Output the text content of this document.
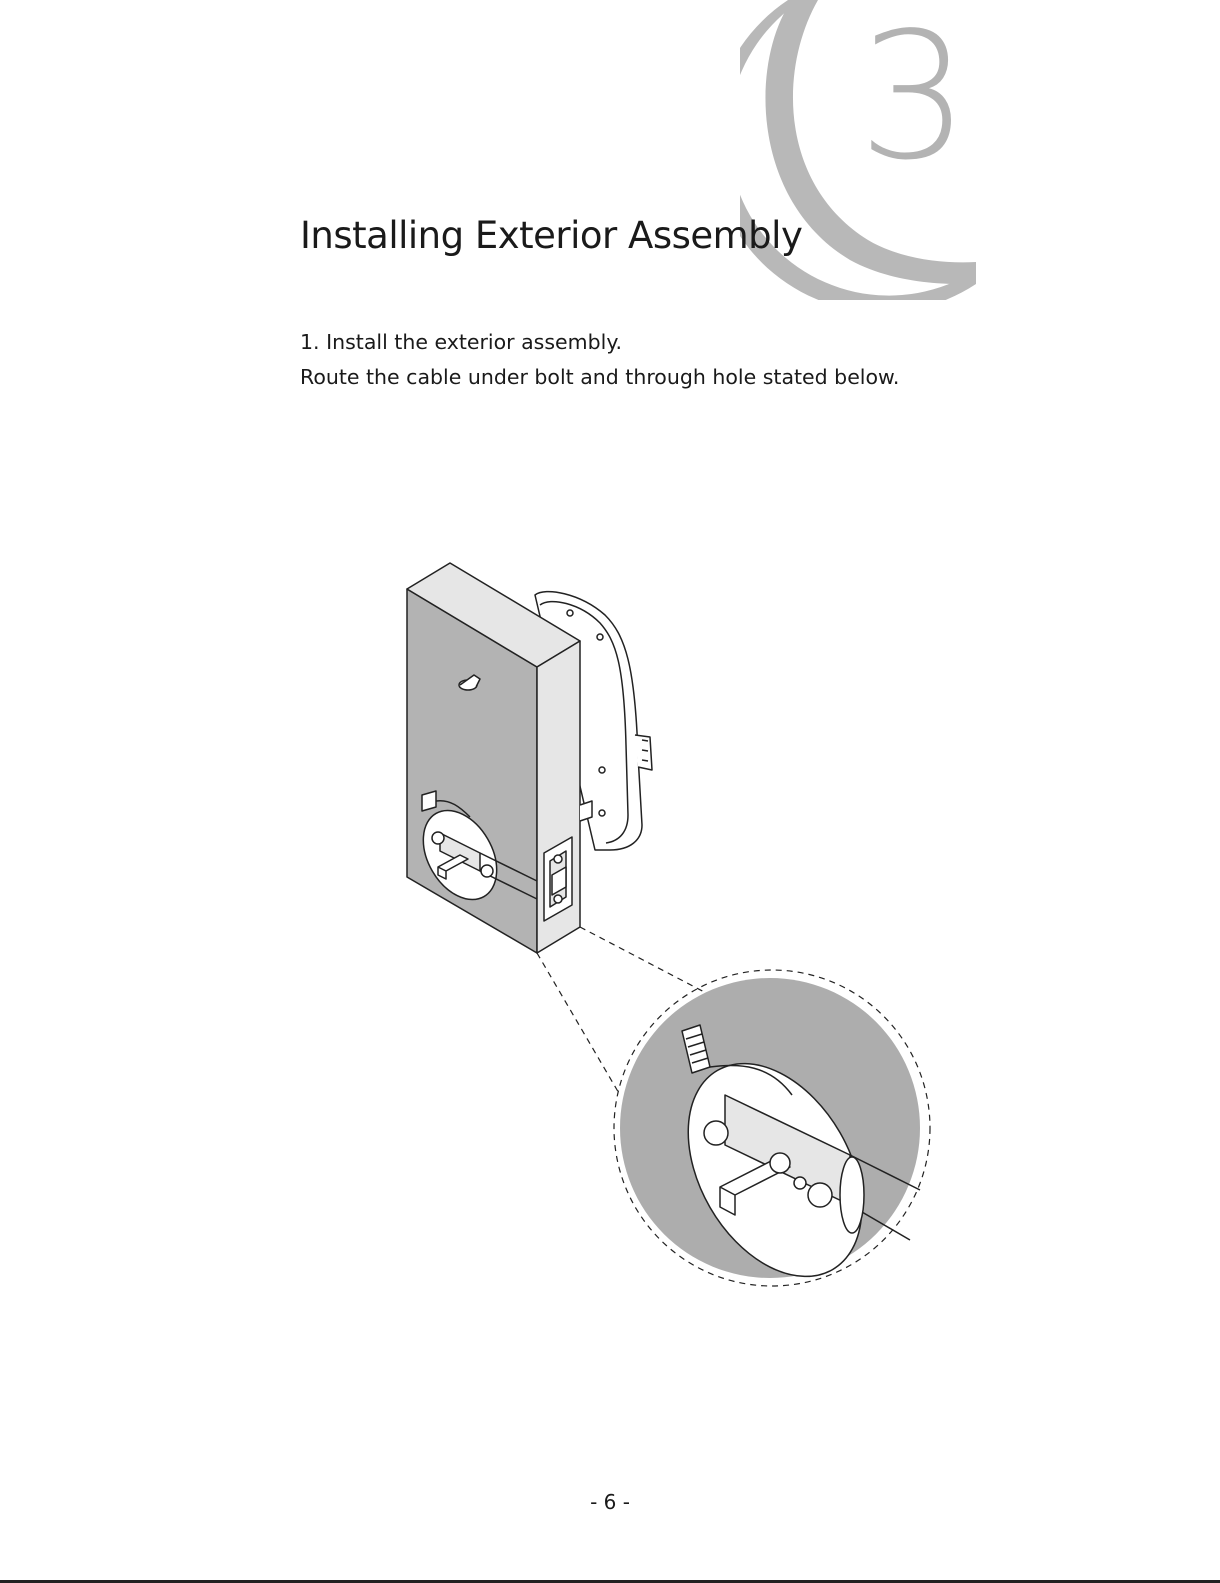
3
Installing Exterior Assembly

1. Install the exterior assembly.

Route the cable under bolt and through hole stated below.

- 6 -
